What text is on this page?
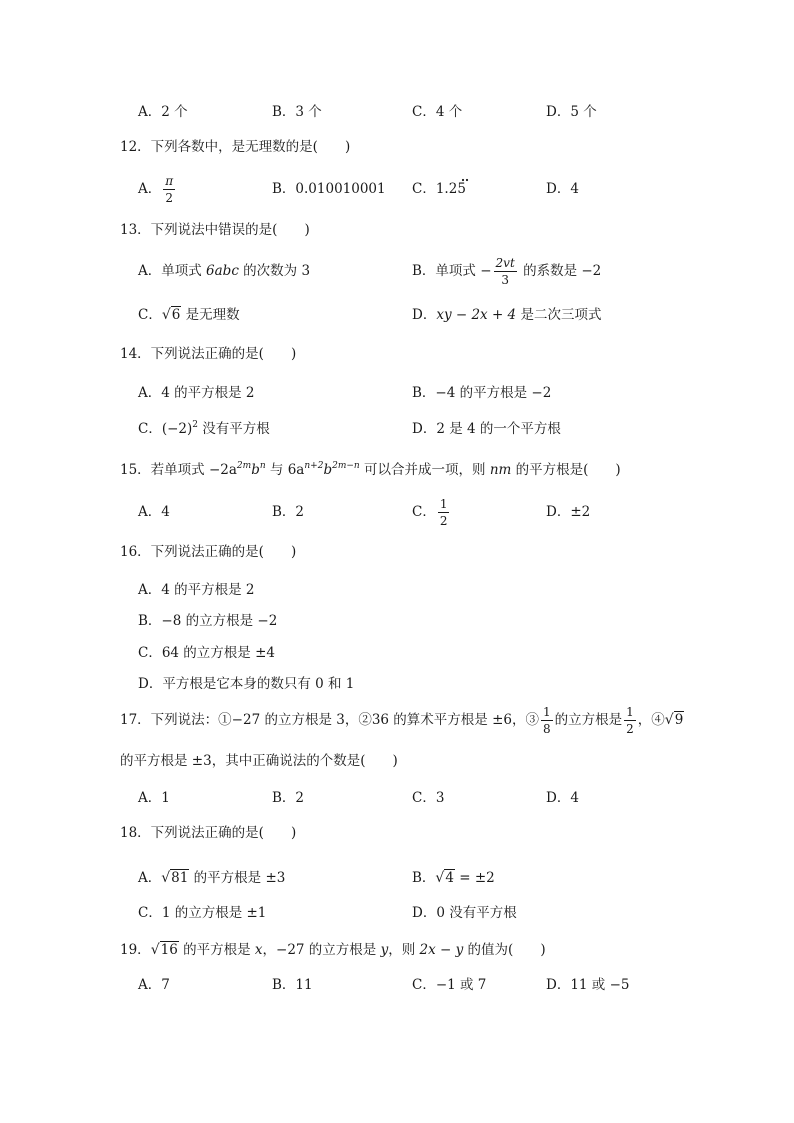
A．2 个	B．3 个	C．4 个	D．5 个
12．下列各数中，是无理数的是(　　)
A． $\frac{\pi}{2}$	B．0.010010001 C．1.25	D．4
13．下列说法中错误的是(　　)
A．单项式 6abc 的次数为 3	B．单项式 − $\frac{2vt}{3}$ 的系数是 −2
C．√6 是无理数	D．xy − 2x + 4 是二次三项式
14．下列说法正确的是(　　)
A．4 的平方根是 2	B．−4 的平方根是 −2
C．$(-2)^2$ 没有平方根	D．2 是 4 的一个平方根
15．若单项式 $-2a^{2m}b^n$ 与 $6a^{n+2}b^{2m-n}$ 可以合并成一项，则 nm 的平方根是(　　)
A．4	B．2	C． $\frac{1}{2}$	D．±2
16．下列说法正确的是(　　)
A．4 的平方根是 2
B．−8 的立方根是 −2
C．64 的立方根是 ±4
D．平方根是它本身的数只有 0 和 1
17．下列说法：①−27 的立方根是 3，②36 的算术平方根是 ±6，③ $\frac{1}{8}$ 的立方根是 $\frac{1}{2}$ ，④√9
的平方根是 ±3，其中正确说法的个数是(　　)
A．1	B．2	C．3	D．4
18．下列说法正确的是(　　)
A．√81 的平方根是 ±3	B．√4 = ±2
C．1 的立方根是 ±1	D．0 没有平方根
19．√16 的平方根是 x，−27 的立方根是 y，则 2x − y 的值为(　　)
A．7	B．11	C．−1 或 7	D．11 或 −5
